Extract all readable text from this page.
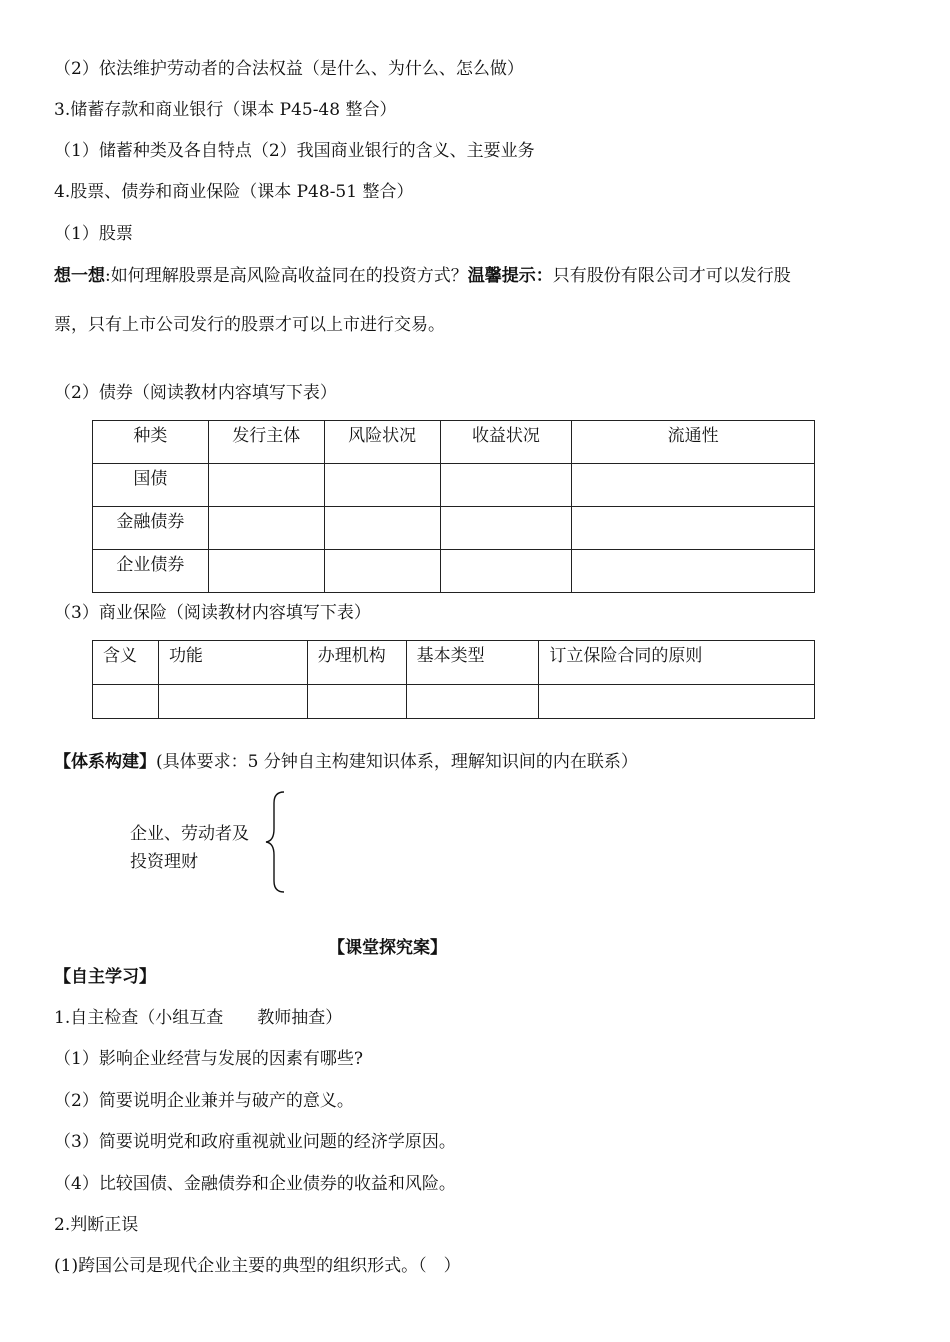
（2）依法维护劳动者的合法权益（是什么、为什么、怎么做）
3.储蓄存款和商业银行（课本 P45-48 整合）
（1）储蓄种类及各自特点（2）我国商业银行的含义、主要业务
4.股票、债券和商业保险（课本 P48-51 整合）
（1）股票
想一想:如何理解股票是高风险高收益同在的投资方式？温馨提示：只有股份有限公司才可以发行股
票，只有上市公司发行的股票才可以上市进行交易。
（2）债券（阅读教材内容填写下表）
种类	发行主体	风险状况	收益状况	流通性
国债				
金融债券				
企业债券				
（3）商业保险（阅读教材内容填写下表）
含义	功能	办理机构	基本类型	订立保险合同的原则

【体系构建】(具体要求：5 分钟自主构建知识体系，理解知识间的内在联系）
企业、劳动者及
投资理财
【课堂探究案】
【自主学习】
1.自主检查（小组互查　　教师抽查）
（1）影响企业经营与发展的因素有哪些?
（2）简要说明企业兼并与破产的意义。
（3）简要说明党和政府重视就业问题的经济学原因。
（4）比较国债、金融债券和企业债券的收益和风险。
2.判断正误
(1)跨国公司是现代企业主要的典型的组织形式。（　）
